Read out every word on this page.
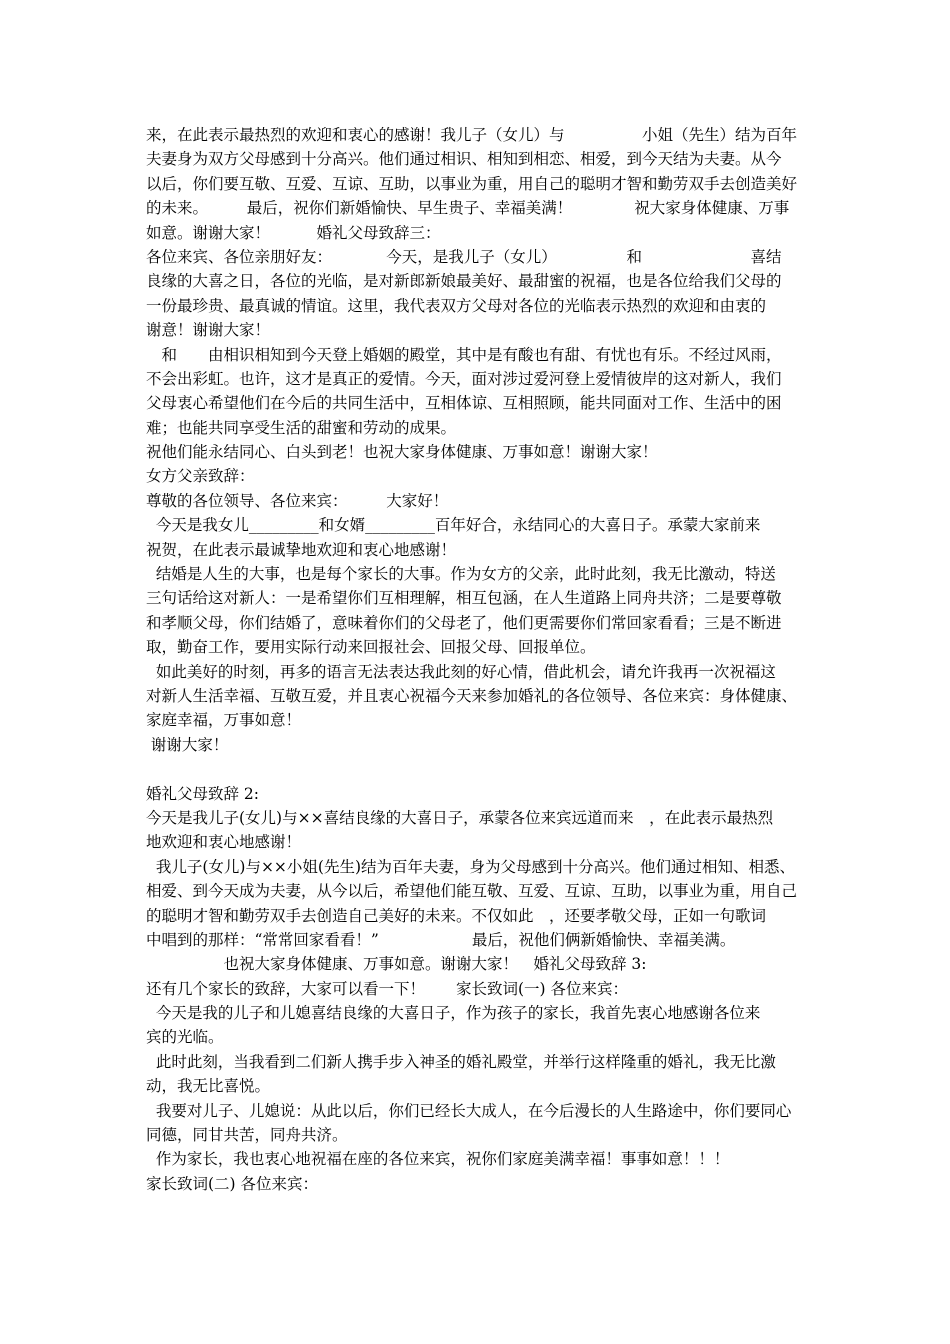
来，在此表示最热烈的欢迎和衷心的感谢！我儿子（女儿）与　　　　　小姐（先生）结为百年
夫妻身为双方父母感到十分高兴。他们通过相识、相知到相恋、相爱，到今天结为夫妻。从今
以后，你们要互敬、互爱、互谅、互助，以事业为重，用自己的聪明才智和勤劳双手去创造美好
的未来。　　　最后，祝你们新婚愉快、早生贵子、幸福美满！　　　　祝大家身体健康、万事
如意。谢谢大家！　　　婚礼父母致辞三：
各位来宾、各位亲朋好友：　　　　今天，是我儿子（女儿）　　　　　和　　　　　　　喜结
良缘的大喜之日，各位的光临，是对新郎新娘最美好、最甜蜜的祝福，也是各位给我们父母的
一份最珍贵、最真诚的情谊。这里，我代表双方父母对各位的光临表示热烈的欢迎和由衷的
谢意！谢谢大家！
　和　　由相识相知到今天登上婚姻的殿堂，其中是有酸也有甜、有忧也有乐。不经过风雨，
不会出彩虹。也许，这才是真正的爱情。今天，面对涉过爱河登上爱情彼岸的这对新人，我们
父母衷心希望他们在今后的共同生活中，互相体谅、互相照顾，能共同面对工作、生活中的困
难；也能共同享受生活的甜蜜和劳动的成果。
祝他们能永结同心、白头到老！也祝大家身体健康、万事如意！谢谢大家！
女方父亲致辞：
尊敬的各位领导、各位来宾：　　　大家好！
今天是我女儿_________和女婿_________百年好合，永结同心的大喜日子。承蒙大家前来
祝贺，在此表示最诚挚地欢迎和衷心地感谢！
结婚是人生的大事，也是每个家长的大事。作为女方的父亲，此时此刻，我无比激动，特送
三句话给这对新人：一是希望你们互相理解，相互包涵，在人生道路上同舟共济；二是要尊敬
和孝顺父母，你们结婚了，意味着你们的父母老了，他们更需要你们常回家看看；三是不断进
取，勤奋工作，要用实际行动来回报社会、回报父母、回报单位。
如此美好的时刻，再多的语言无法表达我此刻的好心情，借此机会，请允许我再一次祝福这
对新人生活幸福、互敬互爱，并且衷心祝福今天来参加婚礼的各位领导、各位来宾：身体健康、
家庭幸福，万事如意！
谢谢大家！
婚礼父母致辞 2:
今天是我儿子(女儿)与××喜结良缘的大喜日子，承蒙各位来宾远道而来　，在此表示最热烈
地欢迎和衷心地感谢！
我儿子(女儿)与××小姐(先生)结为百年夫妻，身为父母感到十分高兴。他们通过相知、相悉、
相爱、到今天成为夫妻，从今以后，希望他们能互敬、互爱、互谅、互助，以事业为重，用自己
的聪明才智和勤劳双手去创造自己美好的未来。不仅如此　，还要孝敬父母，正如一句歌词
中唱到的那样：“常常回家看看！”　　　　　　最后，祝他们俩新婚愉快、幸福美满。
　　　　　也祝大家身体健康、万事如意。谢谢大家！　婚礼父母致辞 3:
还有几个家长的致辞，大家可以看一下！　　家长致词(一) 各位来宾：
今天是我的儿子和儿媳喜结良缘的大喜日子，作为孩子的家长，我首先衷心地感谢各位来
宾的光临。
此时此刻，当我看到二们新人携手步入神圣的婚礼殿堂，并举行这样隆重的婚礼，我无比激
动，我无比喜悦。
我要对儿子、儿媳说：从此以后，你们已经长大成人，在今后漫长的人生路途中，你们要同心
同德，同甘共苦，同舟共济。
作为家长，我也衷心地祝福在座的各位来宾，祝你们家庭美满幸福！事事如意！！！
家长致词(二) 各位来宾：
